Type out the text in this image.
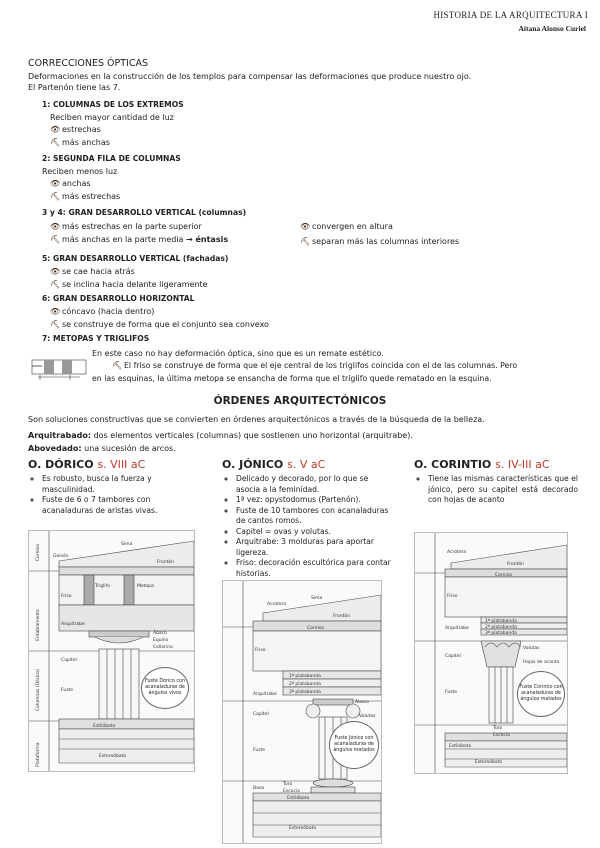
HISTORIA DE LA ARQUITECTURA I
Aitana Alonso Curiel
CORRECCIONES ÓPTICAS
Deformaciones en la construcción de los templos para compensar las deformaciones que produce nuestro ojo.
El Partenón tiene las 7.
1: COLUMNAS DE LOS EXTREMOS
Reciben mayor cantidad de luz
👁 estrechas
⛏ más anchas
2: SEGUNDA FILA DE COLUMNAS
Reciben menos luz
👁 anchas
⛏ más estrechas
3 y 4: GRAN DESARROLLO VERTICAL (columnas)
👁 más estrechas en la parte superior
⛏ más anchas en la parte media → éntasis
👁 convergen en altura
⛏ separan más las columnas interiores
5: GRAN DESARROLLO VERTICAL (fachadas)
👁 se cae hacia atrás
⛏ se inclina hacia delante ligeramente
6: GRAN DESARROLLO HORIZONTAL
👁 cóncavo (hacia dentro)
⛏ se construye de forma que el conjunto sea convexo
7: METOPAS Y TRIGLIFOS
En este caso no hay deformación óptica, sino que es un remate estético.
⛏ El friso se construye de forma que el eje central de los triglifos coincida con el de las columnas. Pero
en las esquinas, la última metopa se ensancha de forma que el triglifo quede rematado en la esquina.
ÓRDENES ARQUITECTÓNICOS
Son soluciones constructivas que se convierten en órdenes arquitectónicos a través de la búsqueda de la belleza.
Arquitrabado: dos elementos verticales (columnas) que sostienen uno horizontal (arquitrabe).
Abovedado: una sucesión de arcos.
O. DÓRICO s. VIII aC
◦ Es robusto, busca la fuerza y masculinidad.
◦ Fuste de 6 o 7 tambores con acanaladuras de aristas vivas.
O. JÓNICO s. V aC
◦ Delicado y decorado, por lo que se asocia a la feminidad.
◦ 1ª vez: opystodomus (Partenón).
◦ Fuste de 10 tambores con acanaladuras de cantos romos.
◦ Capitel = ovas y volutas.
◦ Arquitrabe: 3 molduras para aportar ligereza.
◦ Friso: decoración escultórica para contar historias.
O. CORINTIO s. IV-III aC
◦ Tiene las mismas características que el jónico, pero su capitel está decorado con hojas de acanto
Cornisa
Entablamento
Columnas (Dórico)
Plataforma
Sima
Geisón
Frontón
Friso
Triglifo	Metopa
Arquitrabe
Ábaco
Equino
Collarino
Capitel
Fuste
Estilóbato
Estereóbato
Fuste Dórico con acanaladuras de ángulos vivos
Sima
Acrotera
Frontón
Cornisa
Friso
1ª platabanda
2ª platabanda
3ª platabanda
Arquitrabe
Ábaco
Volutas
Capitel
Fuste
Basa
Toro
Escocia
Estilóbato
Estereóbato
Fuste Jónico con acanaladuras de ángulos matados
Acrotera
Frontón
Cornisa
Friso
1ª platabanda
2ª platabanda
3ª platabanda
Arquitrabe
Capitel
Volutas
Hojas de acanto
Fuste
Toro
Escocia
Estilóbato
Estereóbato
Fuste Corintio con acanaladuras de ángulos matados
